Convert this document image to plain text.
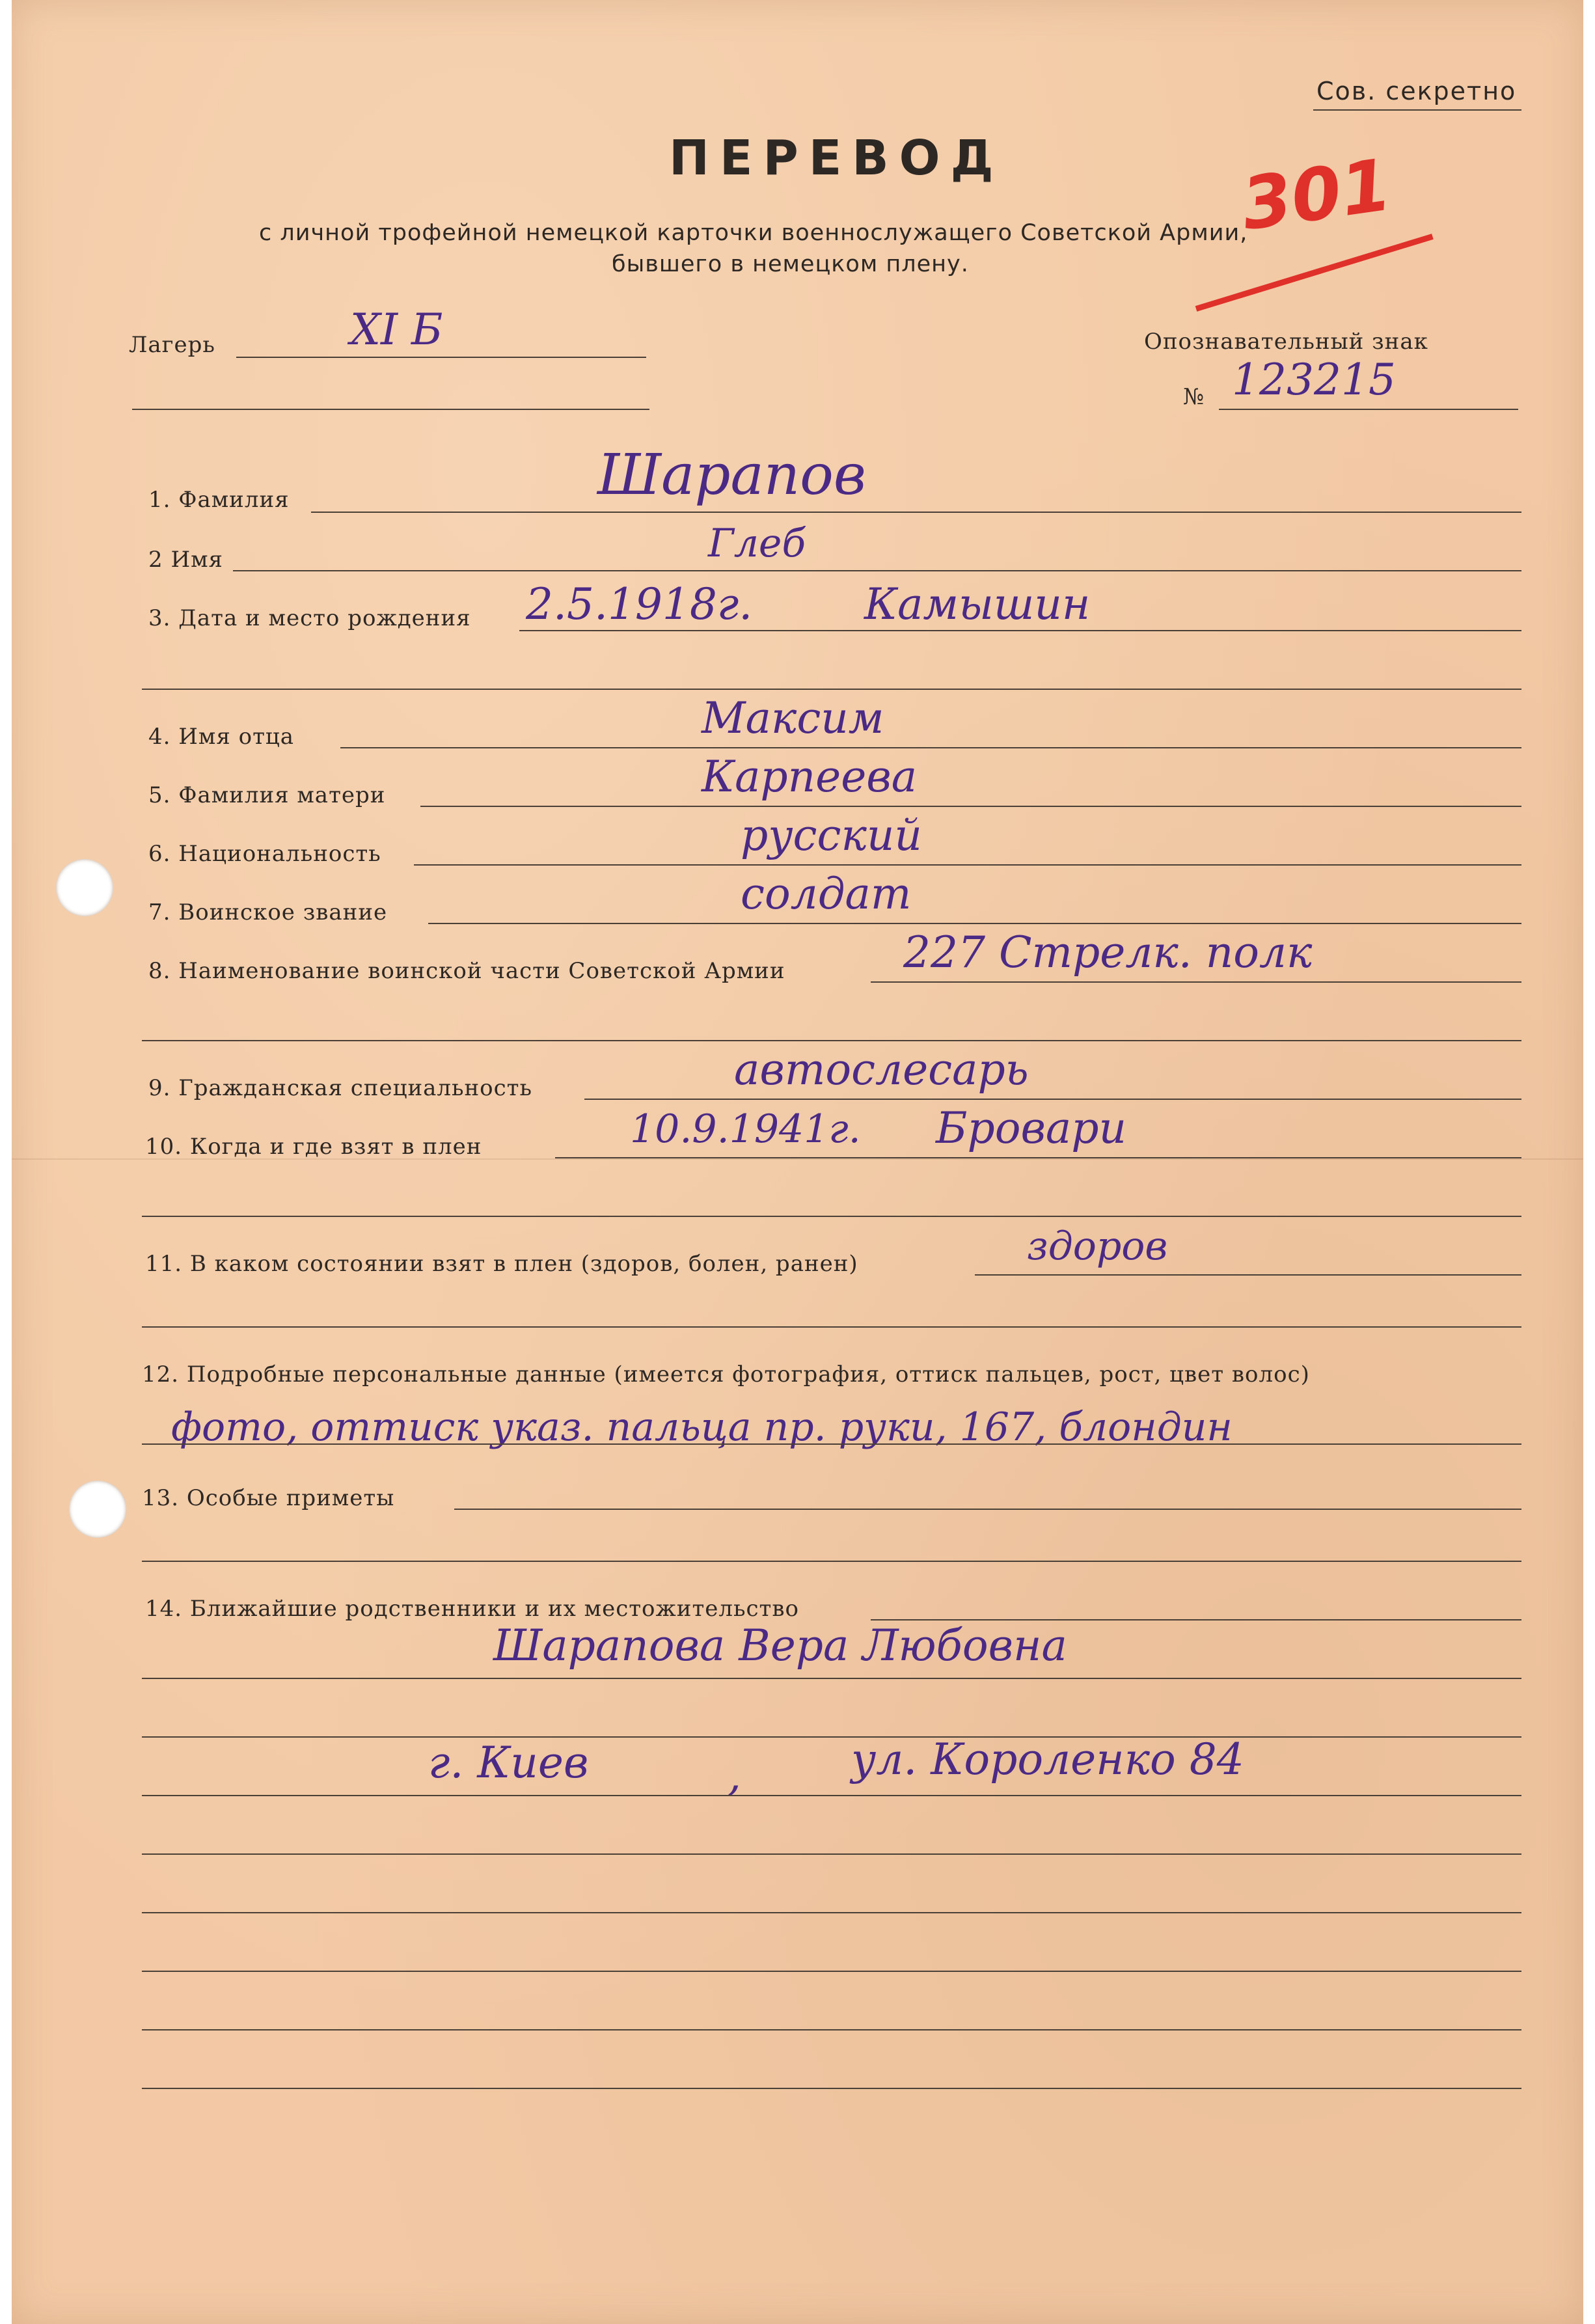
Сов. секретно
ПЕРЕВОД
с личной трофейной немецкой карточки военнослужащего Советской Армии,
бывшего в немецком плену.
301
Лагерь	XI Б	Опознавательный знак
№ 123215
1. Фамилия	Шарапов
2 Имя	Глеб
3. Дата и место рождения 2.5.1918г.	Камышин
4. Имя отца	Максим
5. Фамилия матери	Карпеева
6. Национальность	русский
7. Воинское звание	солдат
8. Наименование воинской части Советской Армии	227 Стрелк. полк
9. Гражданская специальность	автослесарь
10. Когда и где взят в плен	10.9.1941г. Бровари
11. В каком состоянии взят в плен (здоров, болен, ранен)	здоров
12. Подробные персональные данные (имеется фотография, оттиск пальцев, рост, цвет волос)
фото, оттиск указ. пальца пр. руки, 167, блондин
13. Особые приметы
14. Ближайшие родственники и их местожительство
Шарапова Вера Любовна
г. Киев	,	ул. Короленко 84
